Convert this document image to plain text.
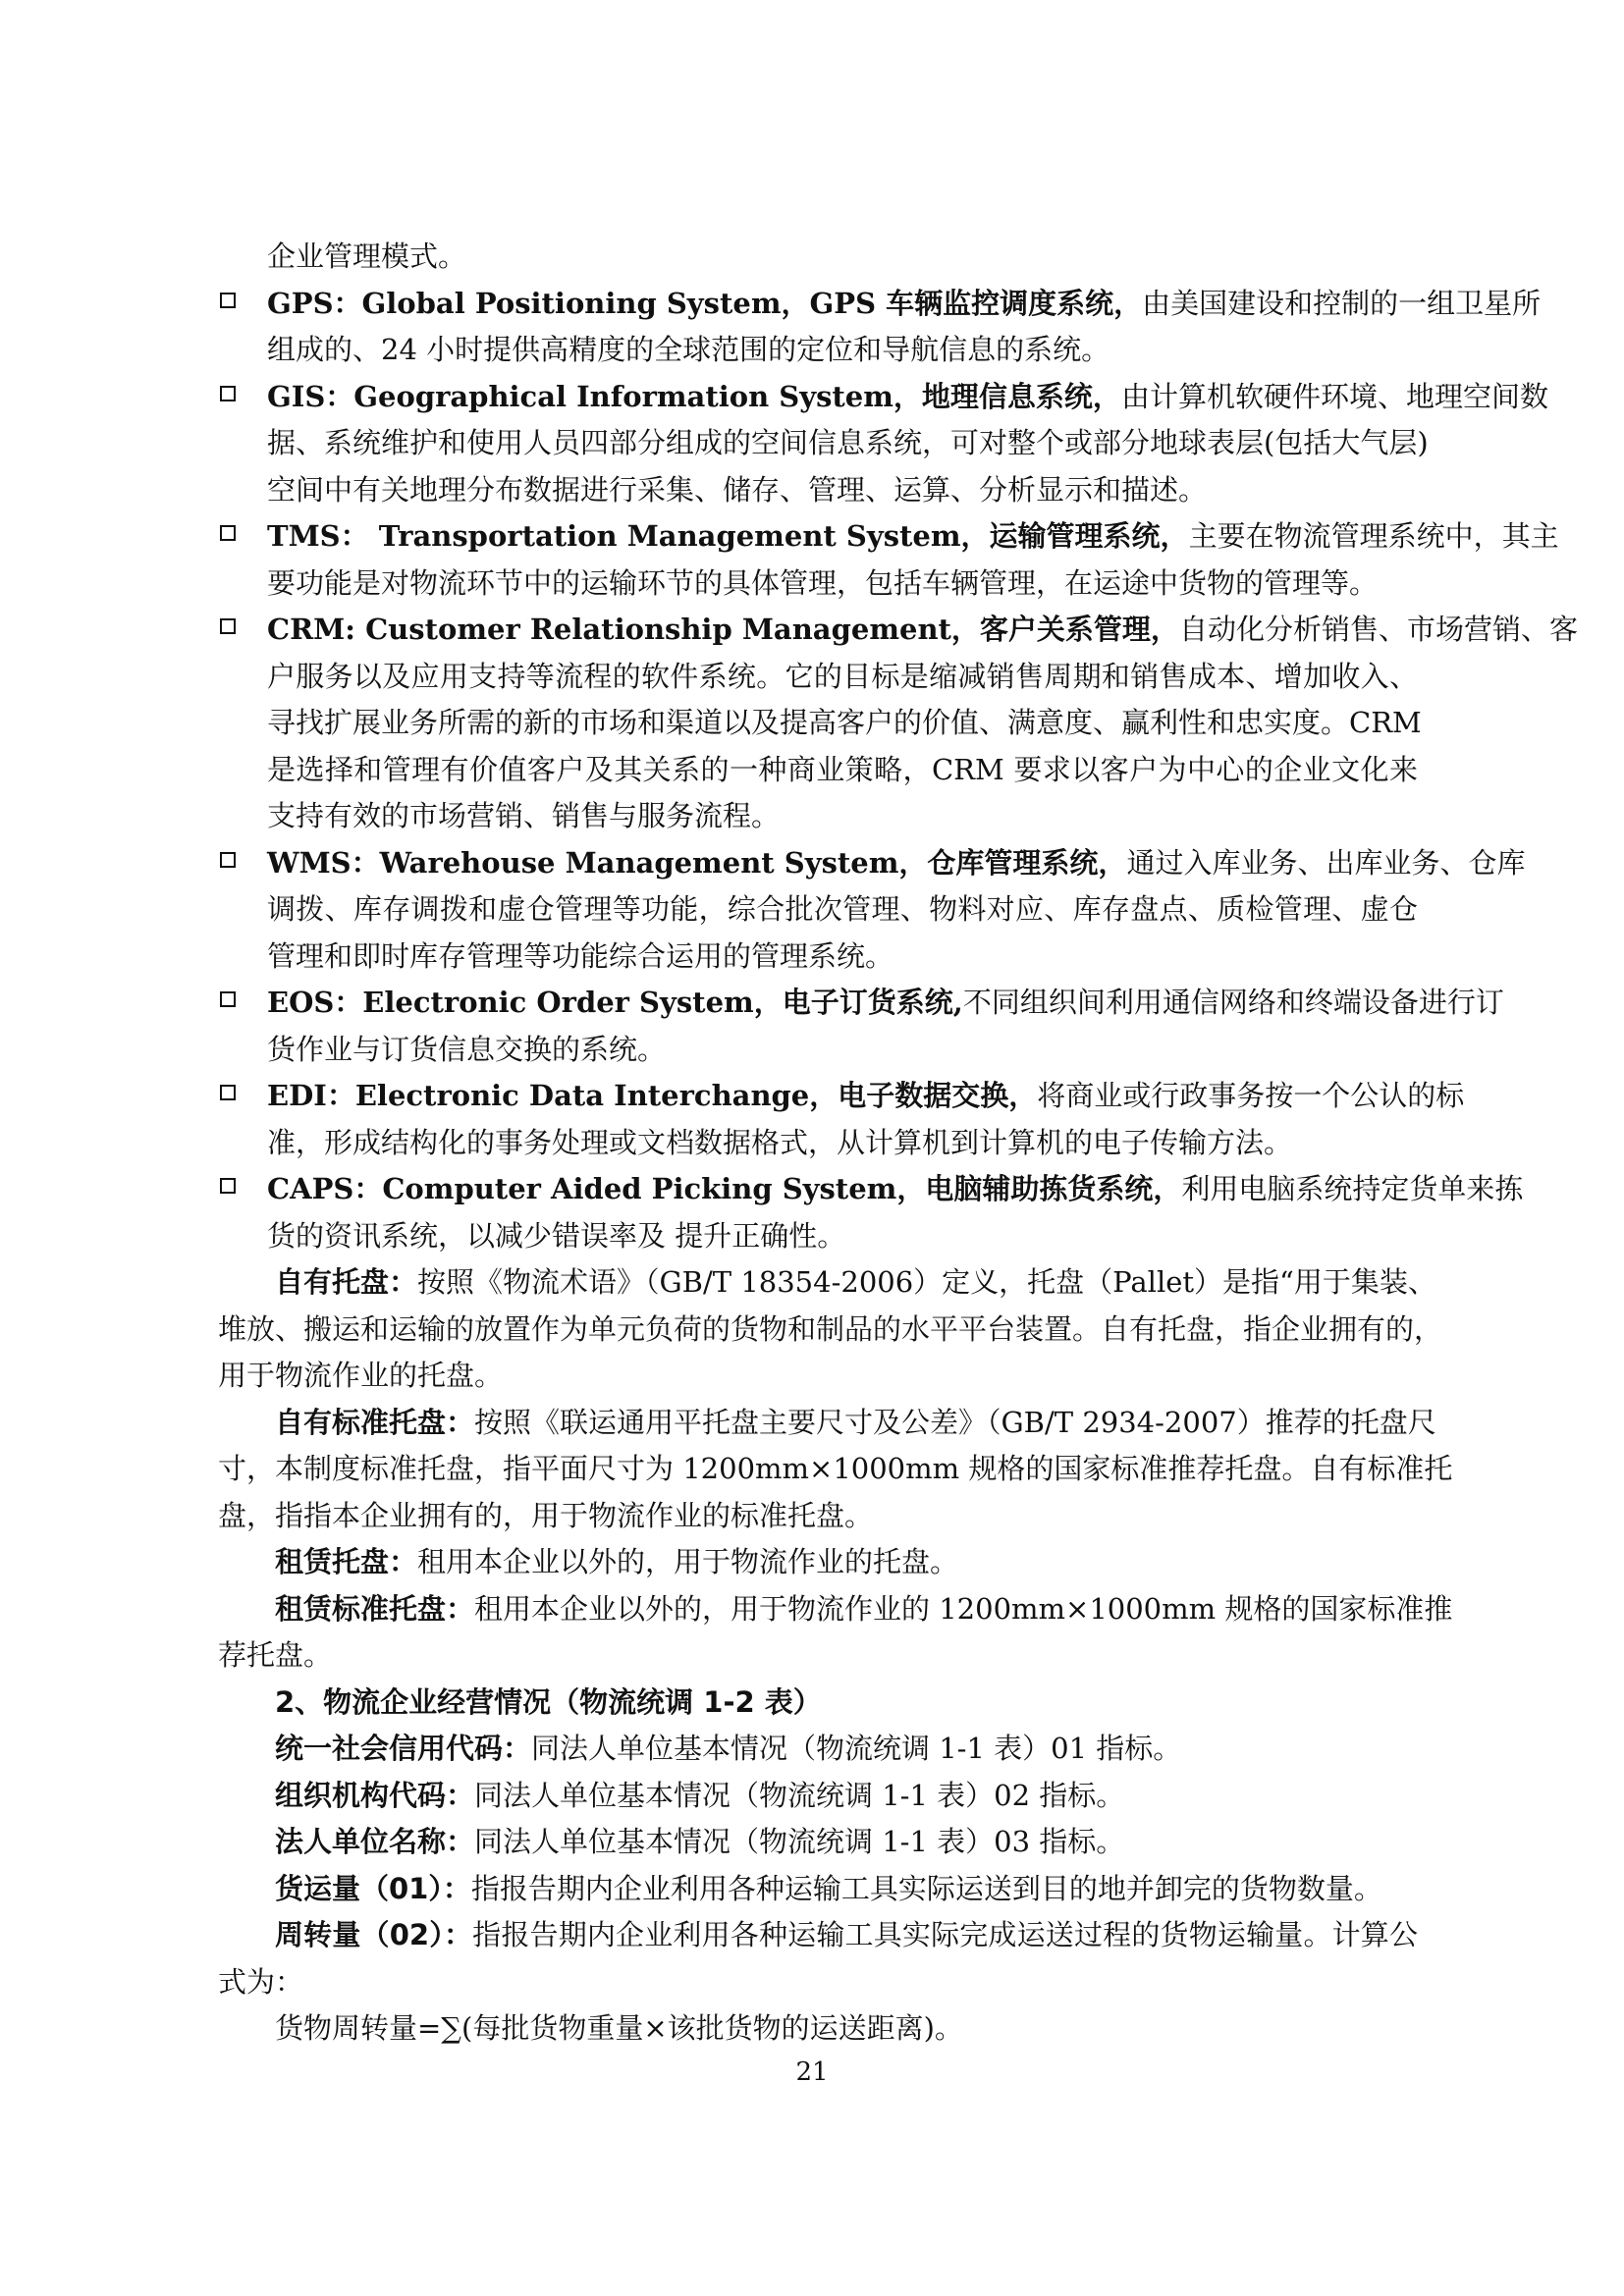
企业管理模式。
GPS：Global Positioning System，GPS 车辆监控调度系统，由美国建设和控制的一组卫星所
组成的、24 小时提供高精度的全球范围的定位和导航信息的系统。
GIS：Geographical Information System，地理信息系统，由计算机软硬件环境、地理空间数
据、系统维护和使用人员四部分组成的空间信息系统，可对整个或部分地球表层(包括大气层)
空间中有关地理分布数据进行采集、储存、管理、运算、分析显示和描述。
TMS： Transportation Management System，运输管理系统，主要在物流管理系统中，其主
要功能是对物流环节中的运输环节的具体管理，包括车辆管理，在运途中货物的管理等。
CRM: Customer Relationship Management，客户关系管理，自动化分析销售、市场营销、客
户服务以及应用支持等流程的软件系统。它的目标是缩减销售周期和销售成本、增加收入、
寻找扩展业务所需的新的市场和渠道以及提高客户的价值、满意度、赢利性和忠实度。CRM
是选择和管理有价值客户及其关系的一种商业策略，CRM 要求以客户为中心的企业文化来
支持有效的市场营销、销售与服务流程。
WMS：Warehouse Management System，仓库管理系统，通过入库业务、出库业务、仓库
调拨、库存调拨和虚仓管理等功能，综合批次管理、物料对应、库存盘点、质检管理、虚仓
管理和即时库存管理等功能综合运用的管理系统。
EOS：Electronic Order System，电子订货系统,不同组织间利用通信网络和终端设备进行订
货作业与订货信息交换的系统。
EDI：Electronic Data Interchange，电子数据交换，将商业或行政事务按一个公认的标
准，形成结构化的事务处理或文档数据格式，从计算机到计算机的电子传输方法。
CAPS：Computer Aided Picking System，电脑辅助拣货系统，利用电脑系统持定货单来拣
货的资讯系统，以减少错误率及 提升正确性。
自有托盘：按照《物流术语》（GB/T 18354-2006）定义，托盘（Pallet）是指“用于集装、
堆放、搬运和运输的放置作为单元负荷的货物和制品的水平平台装置。自有托盘，指企业拥有的，
用于物流作业的托盘。
自有标准托盘：按照《联运通用平托盘主要尺寸及公差》（GB/T 2934-2007）推荐的托盘尺
寸，本制度标准托盘，指平面尺寸为 1200mm×1000mm 规格的国家标准推荐托盘。自有标准托
盘，指指本企业拥有的，用于物流作业的标准托盘。
租赁托盘：租用本企业以外的，用于物流作业的托盘。
租赁标准托盘：租用本企业以外的，用于物流作业的 1200mm×1000mm 规格的国家标准推
荐托盘。
2、物流企业经营情况（物流统调 1-2 表）
统一社会信用代码：同法人单位基本情况（物流统调 1-1 表）01 指标。
组织机构代码：同法人单位基本情况（物流统调 1-1 表）02 指标。
法人单位名称：同法人单位基本情况（物流统调 1-1 表）03 指标。
货运量（01）：指报告期内企业利用各种运输工具实际运送到目的地并卸完的货物数量。
周转量（02）：指报告期内企业利用各种运输工具实际完成运送过程的货物运输量。计算公
式为：
货物周转量=∑(每批货物重量×该批货物的运送距离)。
21
